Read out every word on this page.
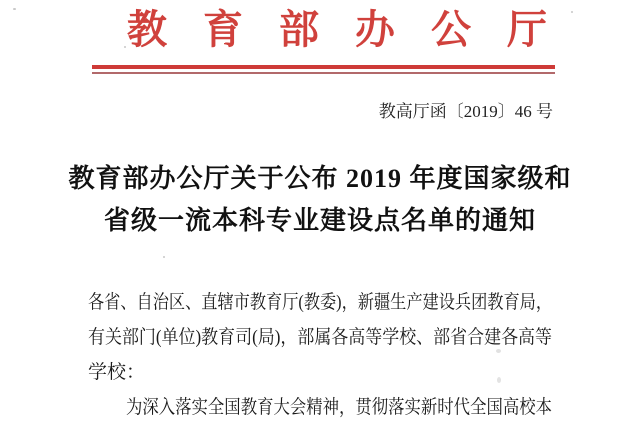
教育部办公厅
教高厅函〔2019〕46 号
教育部办公厅关于公布 2019 年度国家级和
省级一流本科专业建设点名单的通知
各省、自治区、直辖市教育厅(教委)，新疆生产建设兵团教育局，
有关部门(单位)教育司(局)，部属各高等学校、部省合建各高等
学校：
为深入落实全国教育大会精神，贯彻落实新时代全国高校本
